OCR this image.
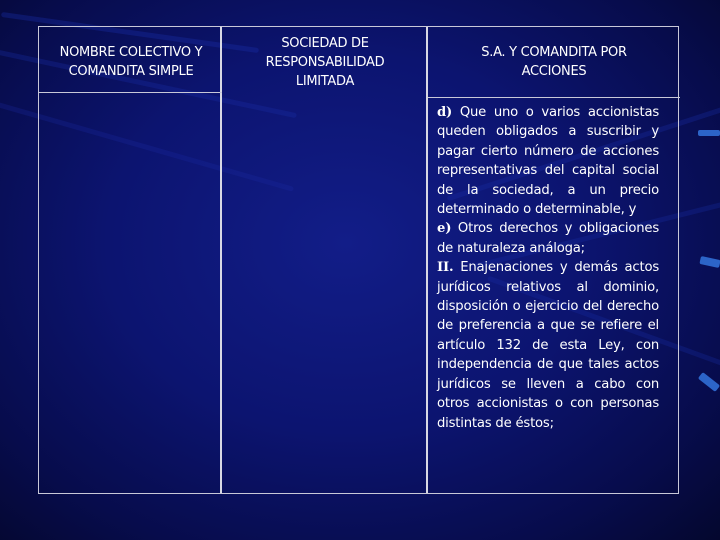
NOMBRE COLECTIVO Y COMANDITA SIMPLE
SOCIEDAD DE RESPONSABILIDAD LIMITADA
S.A. Y COMANDITA POR ACCIONES

d) Que uno o varios accionistas queden obligados a suscribir y pagar cierto número de acciones representativas del capital social de la sociedad, a un precio determinado o determinable, y

e) Otros derechos y obligaciones de naturaleza análoga;

II. Enajenaciones y demás actos jurídicos relativos al dominio, disposición o ejercicio del derecho de preferencia a que se refiere el artículo 132 de esta Ley, con independencia de que tales actos jurídicos se lleven a cabo con otros accionistas o con personas distintas de éstos;
